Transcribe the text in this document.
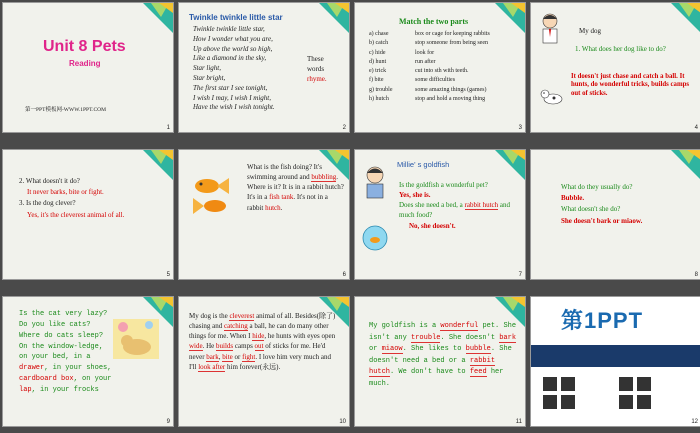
Unit 8 Pets
Reading
第一PPT模板网-WWW.1PPT.COM
1
Twinkle twinkle little star
Twinkle twinkle little star,
How I wonder what you are,
Up above the world so high,
Like a diamond in the sky,
Star light,
Star bright,
The first star I see tonight,
I wish I may, I wish I might,
Have the wish I wish tonight.
These
words
rhyme.
2
Match the two parts
a) chase
b) catch
c) hide
d) hunt
e) trick
f) bite
g) trouble
h) hutch
box or cage for keeping rabbits
stop someone from being seen
look for
run after
cut into sth with teeth.
some difficulties
some amazing things (games)
stop and hold a moving thing
3
My dog
1. What does her dog like to do?
It doesn't just chase and catch a ball. It hunts, do wonderful tricks, builds camps out of sticks.
4
2. What doesn't it do?
It never barks, bite or fight.
3. Is the dog clever?
Yes, it's the cleverest animal of all.
5
What is the fish doing? It's swimming around and bubbling.
Where is it? It is in a rabbit hutch?
It's in a fish tank. It's not in a rabbit hutch.
6
Millie' s goldfish
Is the goldfish a wonderful pet?
Yes, she is.
Does she need a bed, a rabbit hutch and much food?
No, she doesn't.
7
What do they usually do?
Bubble.
What doesn't she do?
She doesn't bark or miaow.
8
Is the cat very lazy?
Do you like cats?
Where do cats sleep?
On the window-ledge,
on your bed, in a
drawer, in your shoes,
cardboard box, on your
lap, in your frocks
9
My dog is the cleverest animal of all. Besides(除了) chasing and catching a ball, he can do many other things for me. When I hide, he hunts with eyes open wide. He builds camps out of sticks for me. He'd never bark, bite or fight. I love him very much and I'll look after him forever(永远).
10
My goldfish is a wonderful pet. She isn't any trouble. She doesn't bark or miaow. She likes to bubble. She doesn't need a bed or a rabbit hutch. We don't have to feed her much.
11
第1PPT
12
